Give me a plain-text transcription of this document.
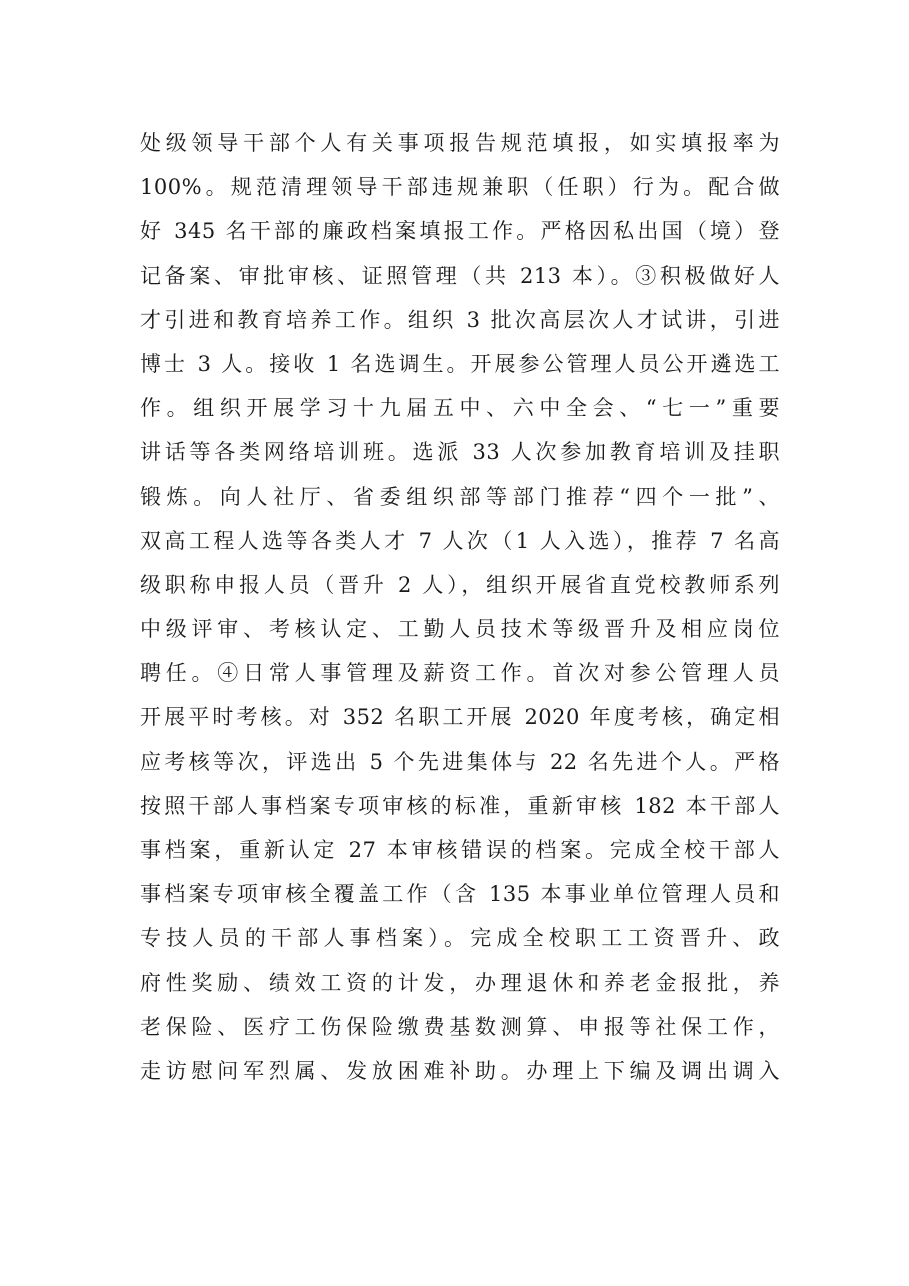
处级领导干部个人有关事项报告规范填报，如实填报率为
100%。规范清理领导干部违规兼职（任职）行为。配合做
好 345 名干部的廉政档案填报工作。严格因私出国（境）登
记备案、审批审核、证照管理（共 213 本）。③积极做好人
才引进和教育培养工作。组织 3 批次高层次人才试讲，引进
博士 3 人。接收 1 名选调生。开展参公管理人员公开遴选工
作。组织开展学习十九届五中、六中全会、“七一”重要
讲话等各类网络培训班。选派 33 人次参加教育培训及挂职
锻炼。向人社厅、省委组织部等部门推荐“四个一批”、
双高工程人选等各类人才 7 人次（1 人入选），推荐 7 名高
级职称申报人员（晋升 2 人），组织开展省直党校教师系列
中级评审、考核认定、工勤人员技术等级晋升及相应岗位
聘任。④日常人事管理及薪资工作。首次对参公管理人员
开展平时考核。对 352 名职工开展 2020 年度考核，确定相
应考核等次，评选出 5 个先进集体与 22 名先进个人。严格
按照干部人事档案专项审核的标准，重新审核 182 本干部人
事档案，重新认定 27 本审核错误的档案。完成全校干部人
事档案专项审核全覆盖工作（含 135 本事业单位管理人员和
专技人员的干部人事档案）。完成全校职工工资晋升、政
府性奖励、绩效工资的计发，办理退休和养老金报批，养
老保险、医疗工伤保险缴费基数测算、申报等社保工作，
走访慰问军烈属、发放困难补助。办理上下编及调出调入
